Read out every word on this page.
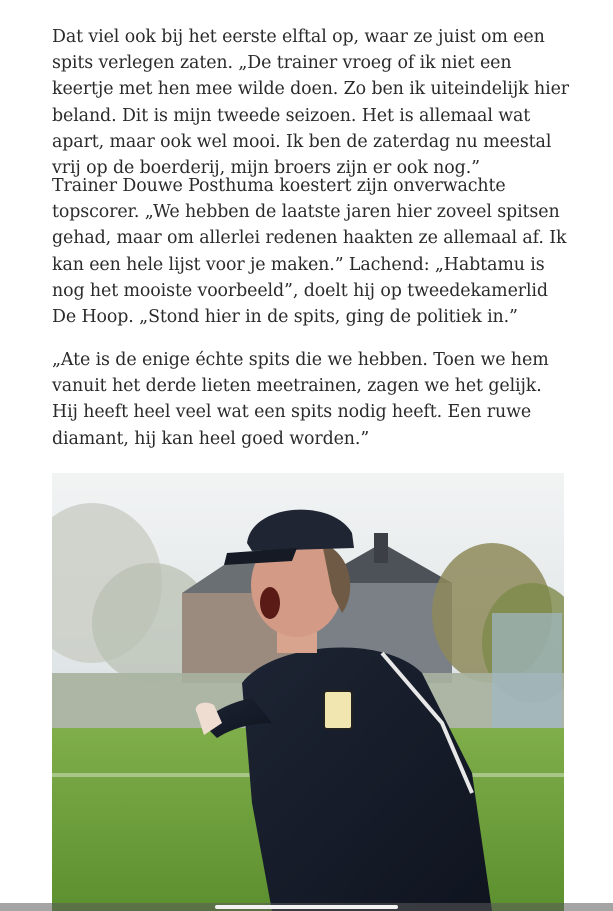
Dat viel ook bij het eerste elftal op, waar ze juist om een spits verlegen zaten. „De trainer vroeg of ik niet een keertje met hen mee wilde doen. Zo ben ik uiteindelijk hier beland. Dit is mijn tweede seizoen. Het is allemaal wat apart, maar ook wel mooi. Ik ben de zaterdag nu meestal vrij op de boerderij, mijn broers zijn er ook nog.”

Trainer Douwe Posthuma koestert zijn onverwachte topscorer. „We hebben de laatste jaren hier zoveel spitsen gehad, maar om allerlei redenen haakten ze allemaal af. Ik kan een hele lijst voor je maken.” Lachend: „Habtamu is nog het mooiste voorbeeld”, doelt hij op tweedekamerlid De Hoop. „Stond hier in de spits, ging de politiek in.”

„Ate is de enige échte spits die we hebben. Toen we hem vanuit het derde lieten meetrainen, zagen we het gelijk. Hij heeft heel veel wat een spits nodig heeft. Een ruwe diamant, hij kan heel goed worden.”
